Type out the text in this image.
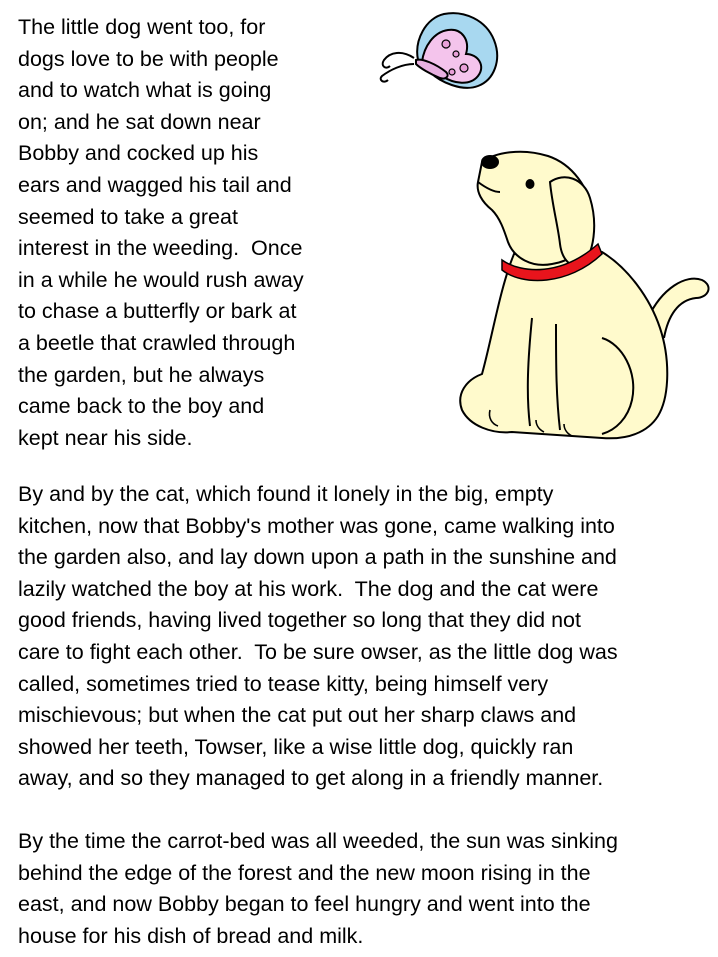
The little dog went too, for
dogs love to be with people
and to watch what is going
on; and he sat down near
Bobby and cocked up his
ears and wagged his tail and
seemed to take a great
interest in the weeding.  Once
in a while he would rush away
to chase a butterfly or bark at
a beetle that crawled through
the garden, but he always
came back to the boy and
kept near his side.
By and by the cat, which found it lonely in the big, empty
kitchen, now that Bobby's mother was gone, came walking into
the garden also, and lay down upon a path in the sunshine and
lazily watched the boy at his work.  The dog and the cat were
good friends, having lived together so long that they did not
care to fight each other.  To be sure owser, as the little dog was
called, sometimes tried to tease kitty, being himself very
mischievous; but when the cat put out her sharp claws and
showed her teeth, Towser, like a wise little dog, quickly ran
away, and so they managed to get along in a friendly manner.
By the time the carrot-bed was all weeded, the sun was sinking
behind the edge of the forest and the new moon rising in the
east, and now Bobby began to feel hungry and went into the
house for his dish of bread and milk.
